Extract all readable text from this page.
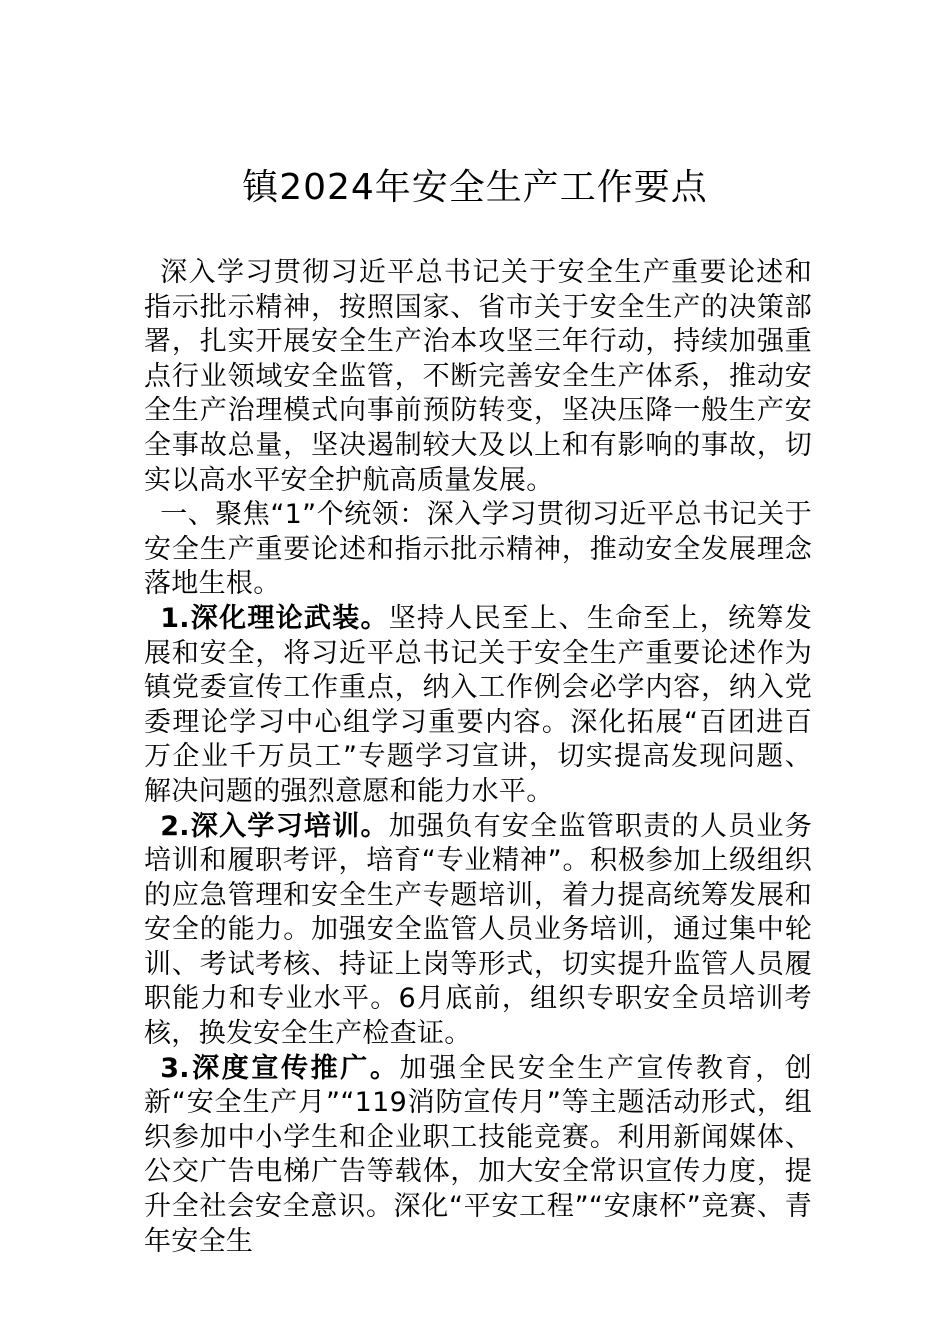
镇2024年安全生产工作要点

深入学习贯彻习近平总书记关于安全生产重要论述和指示批示精神，按照国家、省市关于安全生产的决策部署，扎实开展安全生产治本攻坚三年行动，持续加强重点行业领域安全监管，不断完善安全生产体系，推动安全生产治理模式向事前预防转变，坚决压降一般生产安全事故总量，坚决遏制较大及以上和有影响的事故，切实以高水平安全护航高质量发展。

一、聚焦“1”个统领：深入学习贯彻习近平总书记关于安全生产重要论述和指示批示精神，推动安全发展理念落地生根。

1.深化理论武装。坚持人民至上、生命至上，统筹发展和安全，将习近平总书记关于安全生产重要论述作为镇党委宣传工作重点，纳入工作例会必学内容，纳入党委理论学习中心组学习重要内容。深化拓展“百团进百万企业千万员工”专题学习宣讲，切实提高发现问题、解决问题的强烈意愿和能力水平。

2.深入学习培训。加强负有安全监管职责的人员业务培训和履职考评，培育“专业精神”。积极参加上级组织的应急管理和安全生产专题培训，着力提高统筹发展和安全的能力。加强安全监管人员业务培训，通过集中轮训、考试考核、持证上岗等形式，切实提升监管人员履职能力和专业水平。6月底前，组织专职安全员培训考核，换发安全生产检查证。

3.深度宣传推广。加强全民安全生产宣传教育，创新“安全生产月”“119消防宣传月”等主题活动形式，组织参加中小学生和企业职工技能竞赛。利用新闻媒体、公交广告电梯广告等载体，加大安全常识宣传力度，提升全社会安全意识。深化“平安工程”“安康杯”竞赛、青年安全生
